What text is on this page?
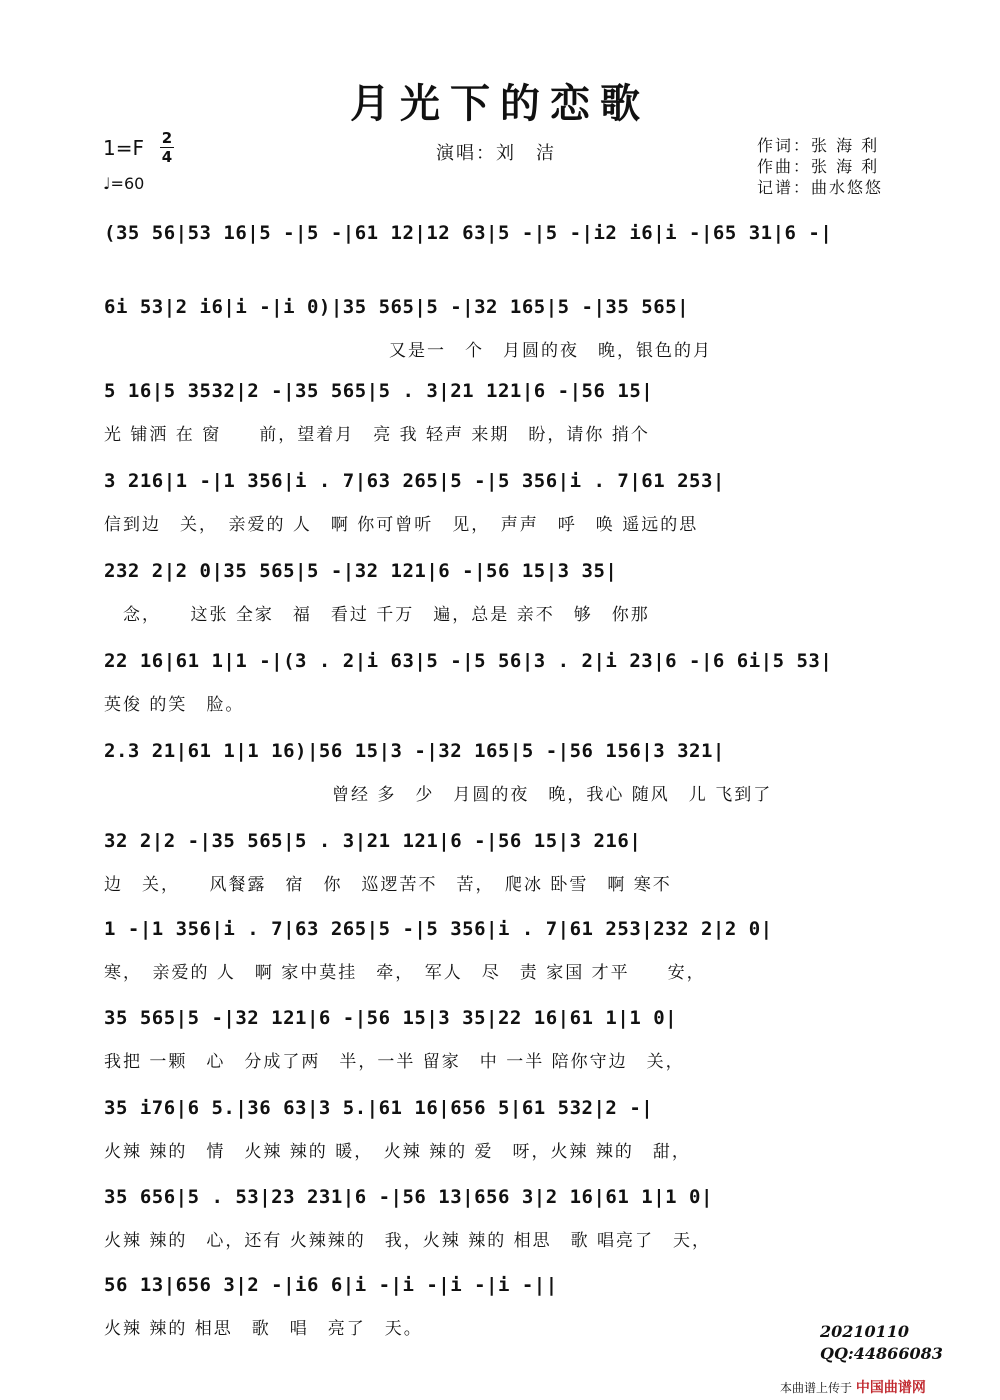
月光下的恋歌
1=F 2
4
♩=60
演唱：刘　洁	作词：张 海 利
作曲：张 海 利
记谱：曲水悠悠
(35 56|53 16|5 -|5 -|61 12|12 63|5 -|5 -|i2 i6|i -|65 31|6 -|
6i 53|2 i6|i -|i 0)|35 565|5 -|32 165|5 -|35 565|
　　　　　　　　　　　　　　　又是一　个　月圆的夜　晚，银色的月
5 16|5 3532|2 -|35 565|5 . 3|21 121|6 -|56 15|
光 铺洒 在 窗　　前，望着月　亮 我 轻声 来期　盼，请你 捎个
3 216|1 -|1 356|i . 7|63 265|5 -|5 356|i . 7|61 253|
信到边　关，　亲爱的 人　啊 你可曾听　见，　声声　呼　唤 遥远的思
232 2|2 0|35 565|5 -|32 121|6 -|56 15|3 35|
　念，　　这张 全家　福　看过 千万　遍，总是 亲不　够　你那
22 16|61 1|1 -|(3 . 2|i 63|5 -|5 56|3 . 2|i 23|6 -|6 6i|5 53|
英俊 的笑　脸。
2.3 21|61 1|1 16)|56 15|3 -|32 165|5 -|56 156|3 321|
　　　　　　　　　　　　曾经 多　少　月圆的夜　晚，我心 随风　儿 飞到了
32 2|2 -|35 565|5 . 3|21 121|6 -|56 15|3 216|
边　关，　　风餐露　宿　你　巡逻苦不　苦，　爬冰 卧雪　啊 寒不
1 -|1 356|i . 7|63 265|5 -|5 356|i . 7|61 253|232 2|2 0|
寒，　亲爱的 人　啊 家中莫挂　牵，　军人　尽　责 家国 才平　　安，
35 565|5 -|32 121|6 -|56 15|3 35|22 16|61 1|1 0|
我把 一颗　心　分成了两　半，一半 留家　中 一半 陪你守边　关，
35 i76|6 5.|36 63|3 5.|61 16|656 5|61 532|2 -|
火辣 辣的　情　火辣 辣的 暖，　火辣 辣的 爱　呀，火辣 辣的　甜，
35 656|5 . 53|23 231|6 -|56 13|656 3|2 16|61 1|1 0|
火辣 辣的　心，还有 火辣辣的　我，火辣 辣的 相思　歌 唱亮了　天，
56 13|656 3|2 -|i6 6|i -|i -|i -|i -||
火辣 辣的 相思　歌　唱　亮了　天。	20210110
QQ:44866083
本曲谱上传于 中国曲谱网
